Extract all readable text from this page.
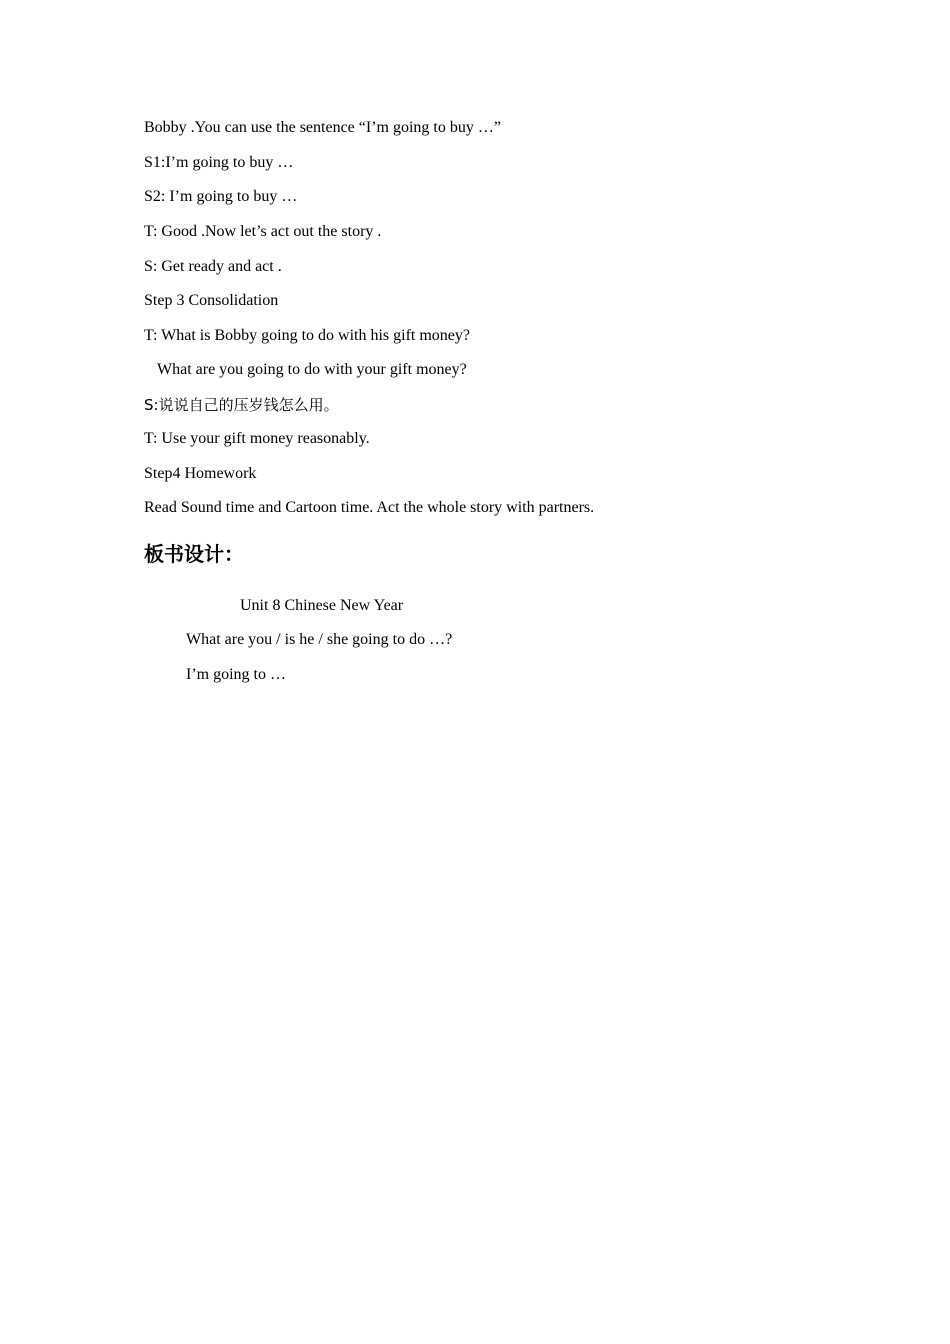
Bobby .You can use the sentence “I’m going to buy …”
S1:I’m going to buy …
S2: I’m going to buy …
T: Good .Now let’s act out the story .
S: Get ready and act .
Step 3 Consolidation
T: What is Bobby going to do with his gift money?
What are you going to do with your gift money?
S:说说自己的压岁钱怎么用。
T: Use your gift money reasonably.
Step4 Homework
Read Sound time and Cartoon time. Act the whole story with partners.
板书设计：
Unit 8 Chinese New Year
What are you / is he / she going to do …?
I’m going to …
